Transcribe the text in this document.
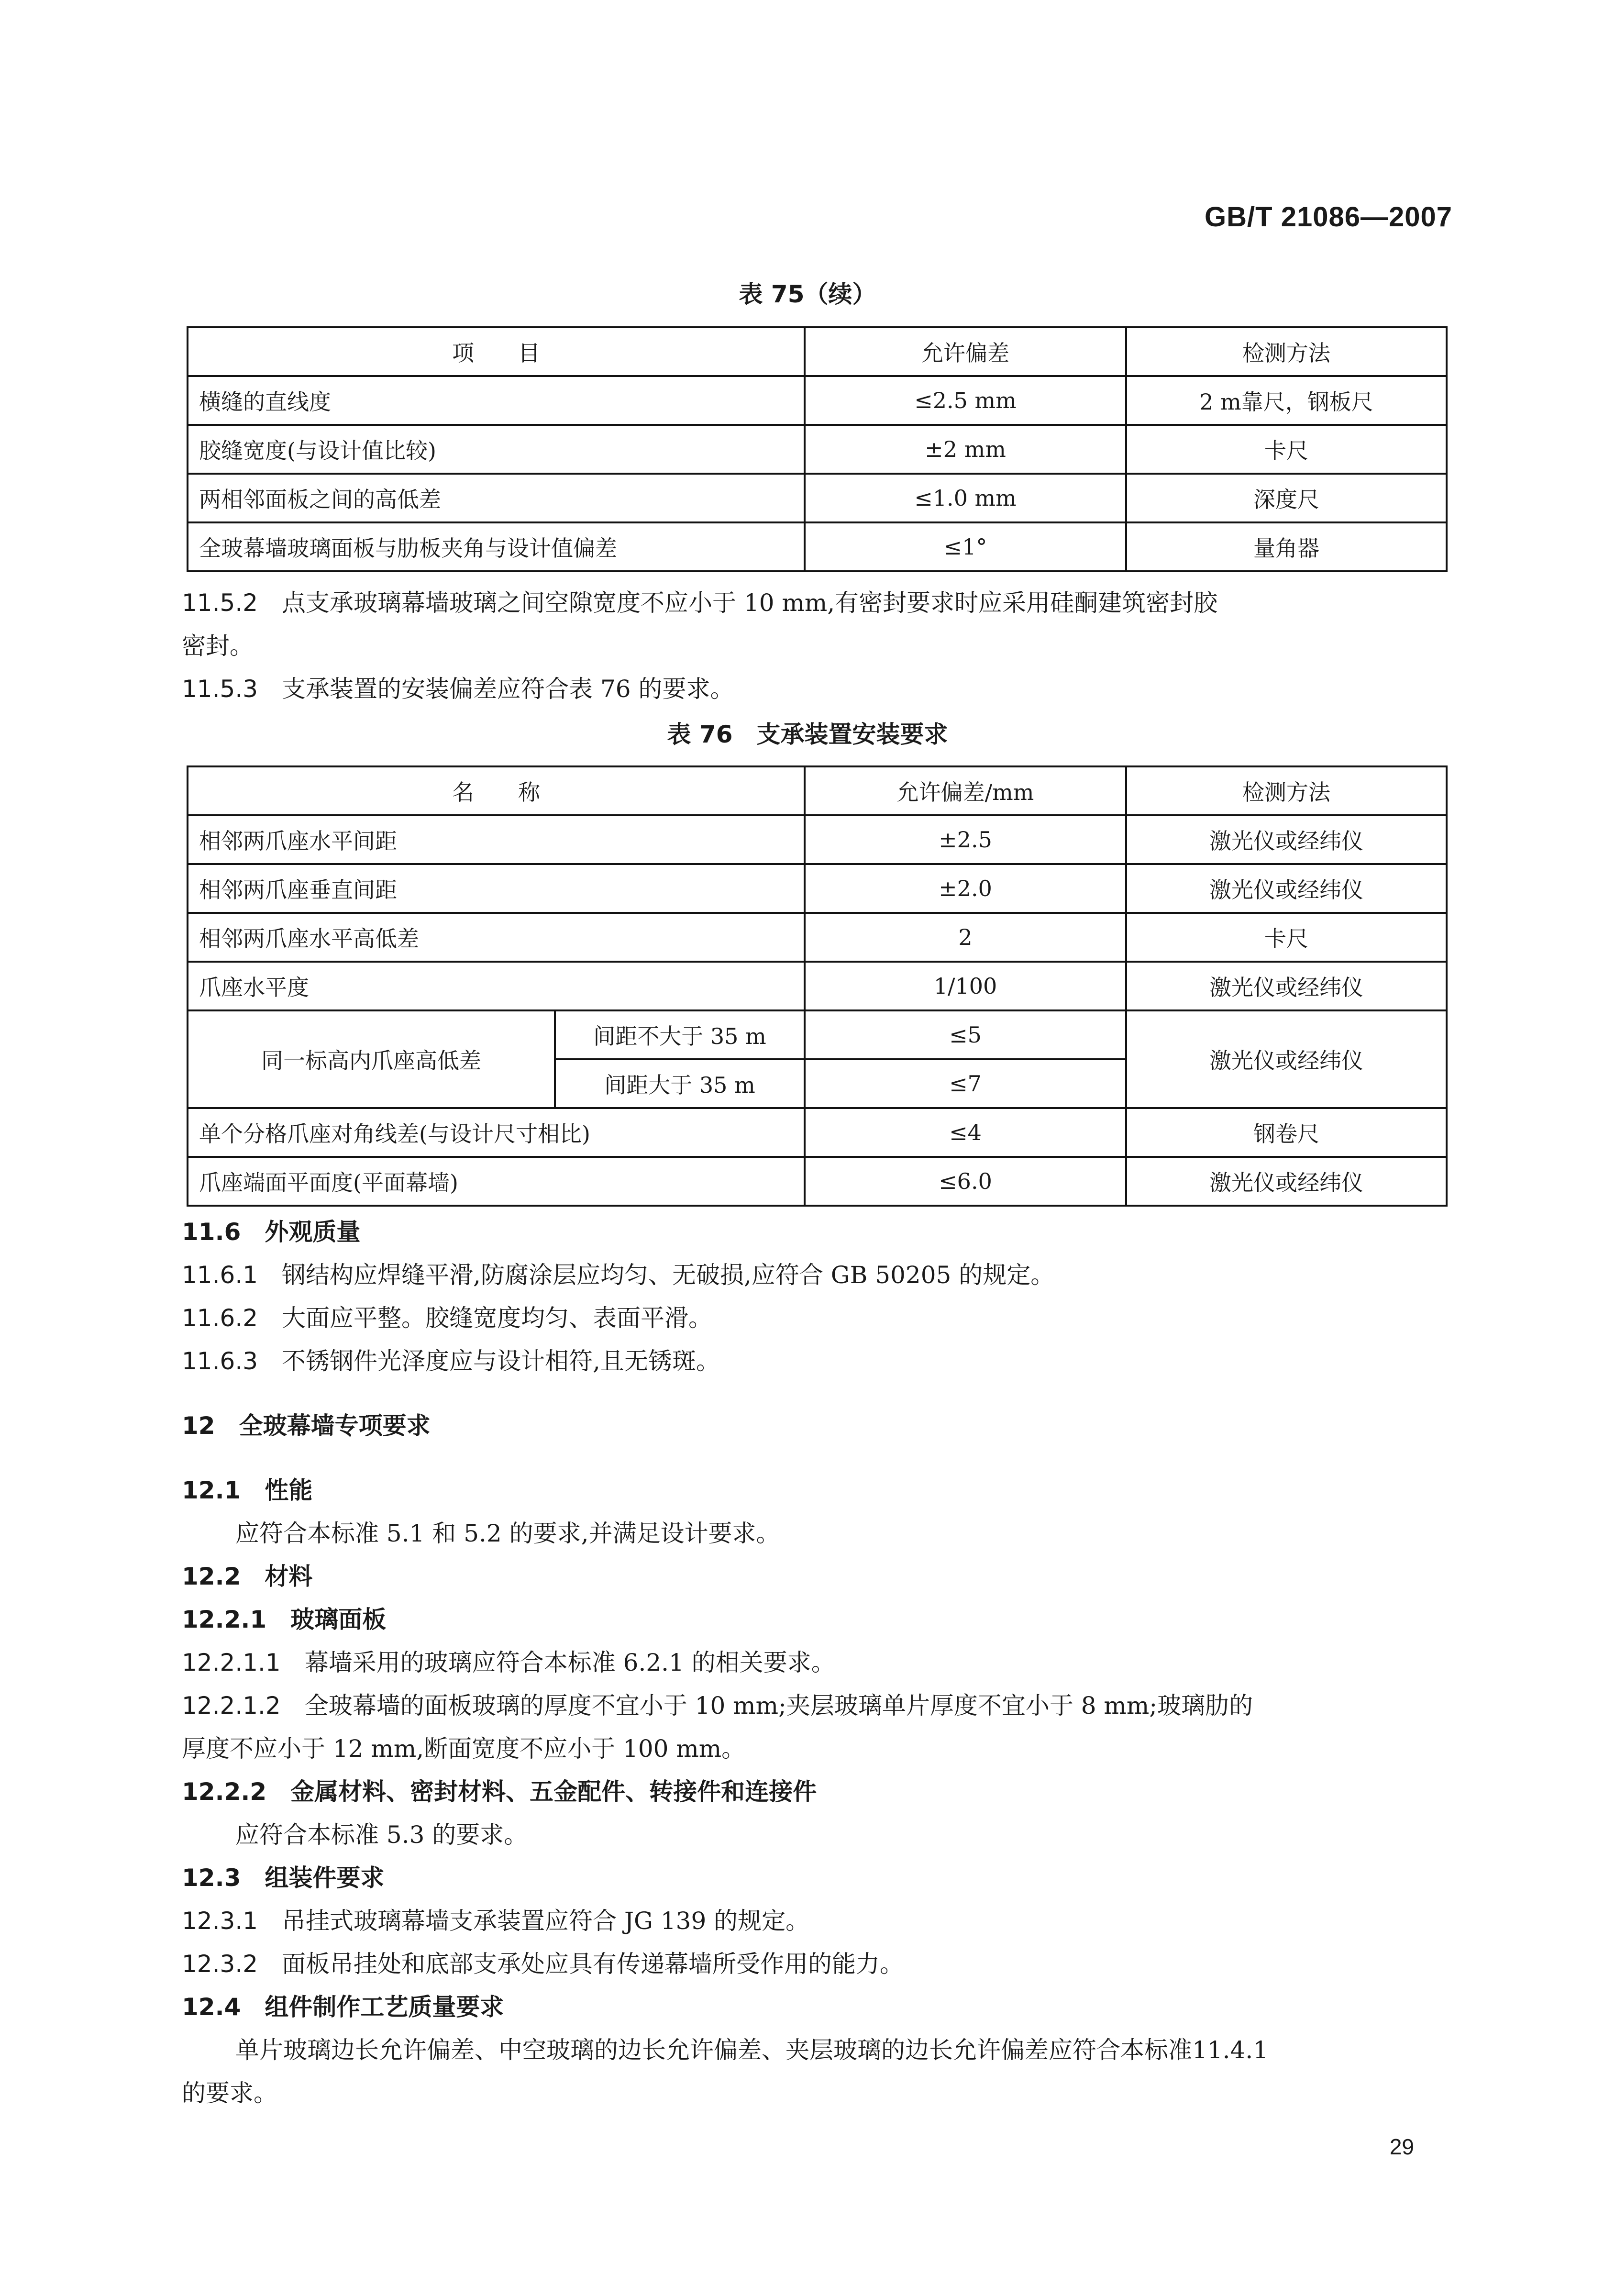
GB/T 21086—2007
表 75（续）
项　　目	允许偏差	检测方法
横缝的直线度	≤2.5 mm	2 m靠尺，钢板尺
胶缝宽度(与设计值比较)	±2 mm	卡尺
两相邻面板之间的高低差	≤1.0 mm	深度尺
全玻幕墙玻璃面板与肋板夹角与设计值偏差	≤1°	量角器

11.5.2　 点支承玻璃幕墙玻璃之间空隙宽度不应小于 10 mm,有密封要求时应采用硅酮建筑密封胶

密封。

11.5.3　 支承装置的安装偏差应符合表 76 的要求。

表 76　支承装置安装要求
名　　称		允许偏差/mm	检测方法
相邻两爪座水平间距		±2.5	激光仪或经纬仪
相邻两爪座垂直间距		±2.0	激光仪或经纬仪
相邻两爪座水平高低差		2	卡尺
爪座水平度		1/100	激光仪或经纬仪
同一标高内爪座高低差	间距不大于 35 m	≤5	激光仪或经纬仪
	间距大于 35 m	≤7	
单个分格爪座对角线差(与设计尺寸相比)		≤4	钢卷尺
爪座端面平面度(平面幕墙)		≤6.0	激光仪或经纬仪

11.6　 外观质量

11.6.1　 钢结构应焊缝平滑,防腐涂层应均匀、无破损,应符合 GB 50205 的规定。

11.6.2　 大面应平整。胶缝宽度均匀、表面平滑。

11.6.3　 不锈钢件光泽度应与设计相符,且无锈斑。

12　 全玻幕墙专项要求

12.1　 性能

应符合本标准 5.1 和 5.2 的要求,并满足设计要求。

12.2　 材料

12.2.1　 玻璃面板

12.2.1.1　 幕墙采用的玻璃应符合本标准 6.2.1 的相关要求。

12.2.1.2　 全玻幕墙的面板玻璃的厚度不宜小于 10 mm;夹层玻璃单片厚度不宜小于 8 mm;玻璃肋的

厚度不应小于 12 mm,断面宽度不应小于 100 mm。

12.2.2　 金属材料、密封材料、五金配件、转接件和连接件

应符合本标准 5.3 的要求。

12.3　 组装件要求

12.3.1　 吊挂式玻璃幕墙支承装置应符合 JG 139 的规定。

12.3.2　 面板吊挂处和底部支承处应具有传递幕墙所受作用的能力。

12.4　 组件制作工艺质量要求

单片玻璃边长允许偏差、中空玻璃的边长允许偏差、夹层玻璃的边长允许偏差应符合本标准11.4.1

的要求。

29
